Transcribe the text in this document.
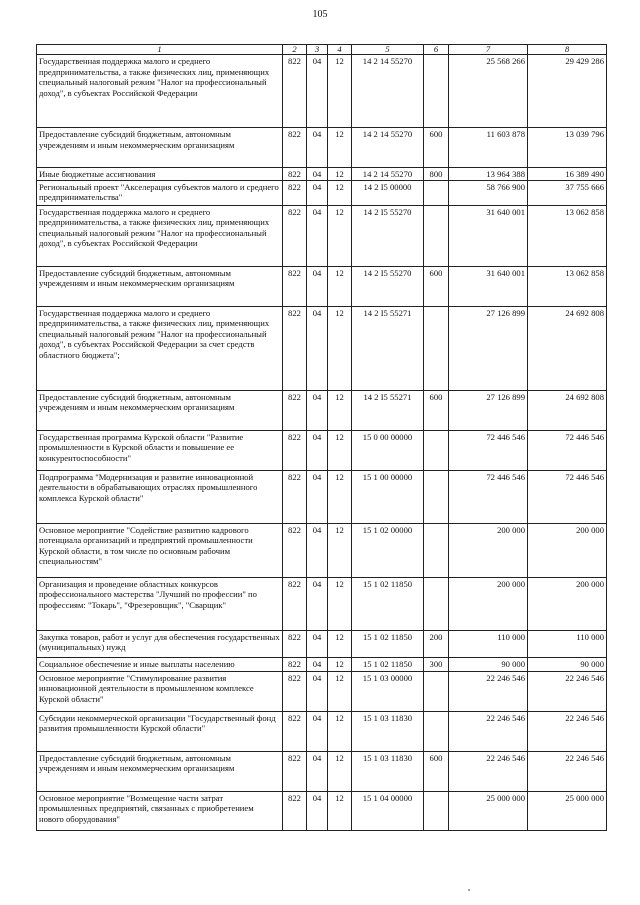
105
1	2	3	4	5	6	7	8
Государственная поддержка малого и среднего предпринимательства, а также физических лиц, применяющих специальный налоговый режим "Налог на профессиональный доход", в субъектах Российской Федерации	822	04	12	14 2 14 55270		25 568 266	29 429 286
Предоставление субсидий бюджетным, автономным учреждениям и иным некоммерческим организациям	822	04	12	14 2 14 55270	600	11 603 878	13 039 796
Иные бюджетные ассигнования	822	04	12	14 2 14 55270	800	13 964 388	16 389 490
Региональный проект "Акселерация субъектов малого и среднего предпринимательства"	822	04	12	14 2 I5 00000		58 766 900	37 755 666
Государственная поддержка малого и среднего предпринимательства, а также физических лиц, применяющих специальный налоговый режим "Налог на профессиональный доход", в субъектах Российской Федерации	822	04	12	14 2 I5 55270		31 640 001	13 062 858
Предоставление субсидий бюджетным, автономным учреждениям и иным некоммерческим организациям	822	04	12	14 2 I5 55270	600	31 640 001	13 062 858
Государственная поддержка малого и среднего предпринимательства, а также физических лиц, применяющих специальный налоговый режим "Налог на профессиональный доход", в субъектах Российской Федерации за счет средств областного бюджета";	822	04	12	14 2 I5 55271		27 126 899	24 692 808
Предоставление субсидий бюджетным, автономным учреждениям и иным некоммерческим организациям	822	04	12	14 2 I5 55271	600	27 126 899	24 692 808
Государственная программа Курской области "Развитие промышленности в Курской области и повышение ее конкурентоспособности"	822	04	12	15 0 00 00000		72 446 546	72 446 546
Подпрограмма "Модернизация и развитие инновационной деятельности в обрабатывающих отраслях промышленного комплекса Курской области"	822	04	12	15 1 00 00000		72 446 546	72 446 546
Основное мероприятие "Содействие развитию кадрового потенциала организаций и предприятий промышленности Курской области, в том числе по основным рабочим специальностям"	822	04	12	15 1 02 00000		200 000	200 000
Организация и проведение областных конкурсов профессионального мастерства "Лучший по профессии" по профессиям: "Токарь", "Фрезеровщик", "Сварщик"	822	04	12	15 1 02 11850		200 000	200 000
Закупка товаров, работ и услуг для обеспечения государственных (муниципальных) нужд	822	04	12	15 1 02 11850	200	110 000	110 000
Социальное обеспечение и иные выплаты населению	822	04	12	15 1 02 11850	300	90 000	90 000
Основное мероприятие "Стимулирование развития инновационной деятельности в промышленном комплексе Курской области"	822	04	12	15 1 03 00000		22 246 546	22 246 546
Субсидии некоммерческой организации "Государственный фонд развития промышленности Курской области"	822	04	12	15 1 03 11830		22 246 546	22 246 546
Предоставление субсидий бюджетным, автономным учреждениям и иным некоммерческим организациям	822	04	12	15 1 03 11830	600	22 246 546	22 246 546
Основное мероприятие "Возмещение части затрат промышленных предприятий, связанных с приобретением нового оборудования"	822	04	12	15 1 04 00000		25 000 000	25 000 000
